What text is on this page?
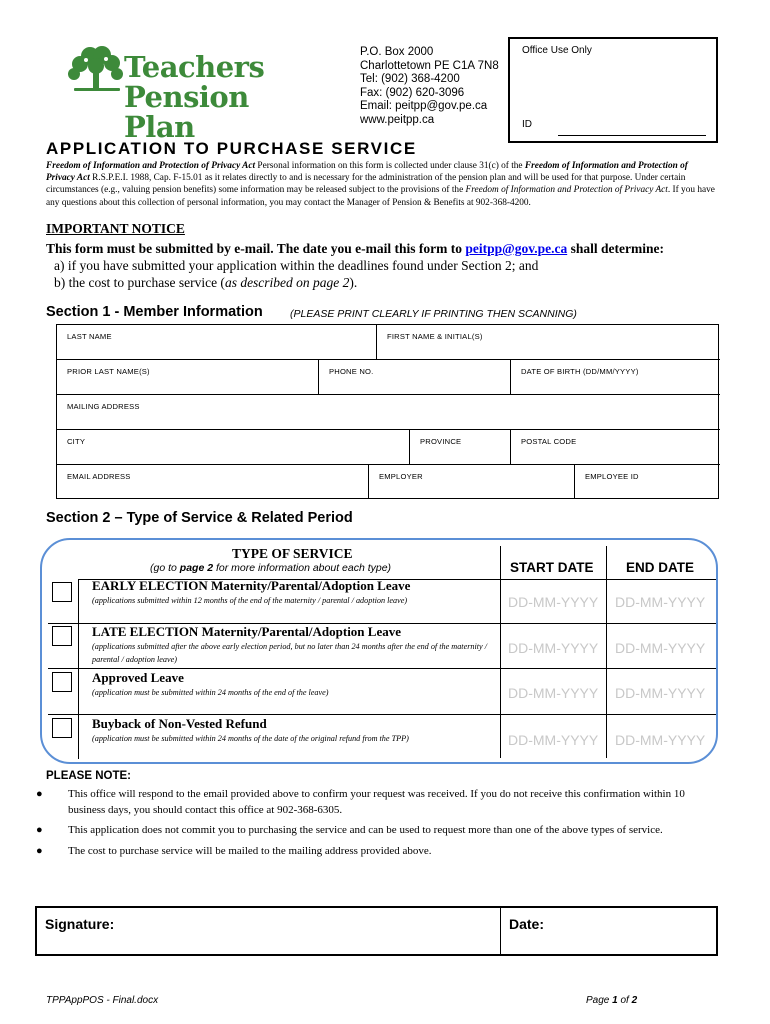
Teachers
Pension Plan
P.O. Box 2000
Charlottetown PE C1A 7N8
Tel: (902) 368-4200
Fax: (902) 620-3096
Email: peitpp@gov.pe.ca
www.peitpp.ca
Office Use Only
ID
APPLICATION TO PURCHASE SERVICE
Freedom of Information and Protection of Privacy Act Personal information on this form is collected under clause 31(c) of the Freedom of Information and Protection of Privacy Act R.S.P.E.I. 1988, Cap. F-15.01 as it relates directly to and is necessary for the administration of the pension plan and will be used for that purpose. Under certain circumstances (e.g., valuing pension benefits) some information may be released subject to the provisions of the Freedom of Information and Protection of Privacy Act. If you have any questions about this collection of personal information, you may contact the Manager of Pension & Benefits at 902-368-4200.
IMPORTANT NOTICE
This form must be submitted by e-mail. The date you e-mail this form to peitpp@gov.pe.ca shall determine:
a) if you have submitted your application within the deadlines found under Section 2; and
b) the cost to purchase service (as described on page 2).
Section 1 - Member Information	(PLEASE PRINT CLEARLY IF PRINTING THEN SCANNING)
LAST NAME	FIRST NAME & INITIAL(S)
PRIOR LAST NAME(S)	PHONE NO.	DATE OF BIRTH (DD/MM/YYYY)
MAILING ADDRESS
CITY	PROVINCE	POSTAL CODE
EMAIL ADDRESS	EMPLOYER	EMPLOYEE ID
Section 2 – Type of Service & Related Period
TYPE OF SERVICE
(go to page 2 for more information about each type)	START DATE END DATE
EARLY ELECTION Maternity/Parental/Adoption Leave
(applications submitted within 12 months of the end of the maternity / parental / adoption leave)	DD-MM-YYYY DD-MM-YYYY
LATE ELECTION Maternity/Parental/Adoption Leave
(applications submitted after the above early election period, but no later than 24 months after the end of the maternity / parental / adoption leave)
DD-MM-YYYY DD-MM-YYYY
Approved Leave
(application must be submitted within 24 months of the end of the leave)	DD-MM-YYYY DD-MM-YYYY
Buyback of Non-Vested Refund
(application must be submitted within 24 months of the date of the original refund from the TPP)	DD-MM-YYYY DD-MM-YYYY
PLEASE NOTE:
● This office will respond to the email provided above to confirm your request was received. If you do not receive this confirmation within 10 business days, you should contact this office at 902-368-6305.
● This application does not commit you to purchasing the service and can be used to request more than one of the above types of service.
● The cost to purchase service will be mailed to the mailing address provided above.
Signature:	Date:
TPPAppPOS - Final.docx	Page 1 of 2
